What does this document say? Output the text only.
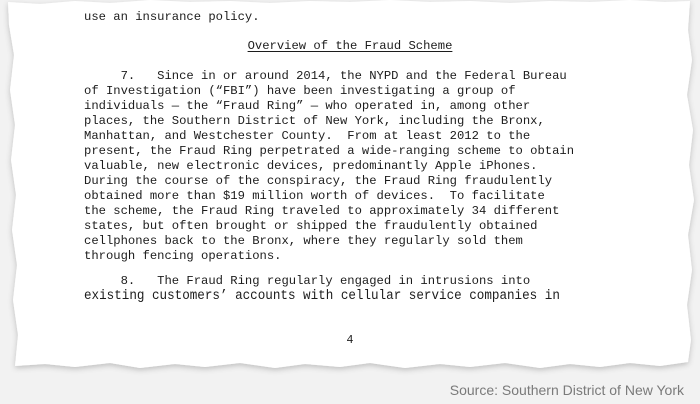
use an insurance policy.

Overview of the Fraud Scheme

7.   Since in or around 2014, the NYPD and the Federal Bureau

of Investigation (“FBI”) have been investigating a group of

individuals — the “Fraud Ring” — who operated in, among other

places, the Southern District of New York, including the Bronx,

Manhattan, and Westchester County.  From at least 2012 to the

present, the Fraud Ring perpetrated a wide-ranging scheme to obtain

valuable, new electronic devices, predominantly Apple iPhones.

During the course of the conspiracy, the Fraud Ring fraudulently

obtained more than $19 million worth of devices.  To facilitate

the scheme, the Fraud Ring traveled to approximately 34 different

states, but often brought or shipped the fraudulently obtained

cellphones back to the Bronx, where they regularly sold them

through fencing operations.

8.   The Fraud Ring regularly engaged in intrusions into

existing customers’ accounts with cellular service companies in

4

Source: Southern District of New York
